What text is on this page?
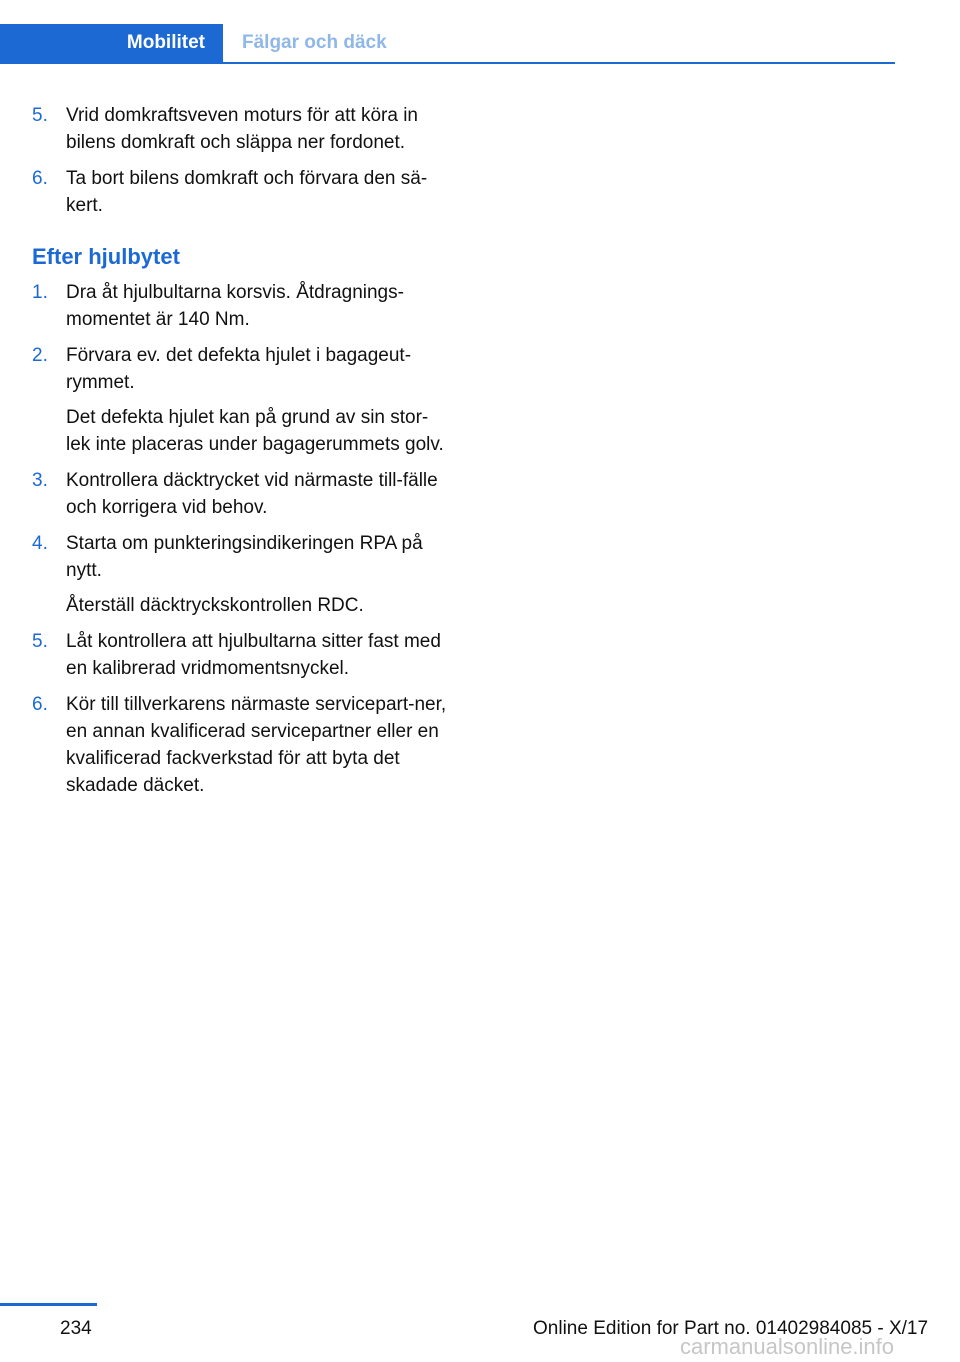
Mobilitet	Fälgar och däck
5. Vrid domkraftsveven moturs för att köra in bilens domkraft och släppa ner fordonet.

6. Ta bort bilens domkraft och förvara den sä-kert.

Efter hjulbytet
1. Dra åt hjulbultarna korsvis. Åtdragnings-momentet är 140 Nm.

2. Förvara ev. det defekta hjulet i bagageut-rymmet.

Det defekta hjulet kan på grund av sin stor-lek inte placeras under bagagerummets golv.

3. Kontrollera däcktrycket vid närmaste till-fälle och korrigera vid behov.

4. Starta om punkteringsindikeringen RPA på nytt.

Återställ däcktryckskontrollen RDC.

5. Låt kontrollera att hjulbultarna sitter fast med en kalibrerad vridmomentsnyckel.

6. Kör till tillverkarens närmaste servicepart-ner, en annan kvalificerad servicepartner eller en kvalificerad fackverkstad för att byta det skadade däcket.

234	Online Edition for Part no. 01402984085 - X/17
carmanualsonline.info
